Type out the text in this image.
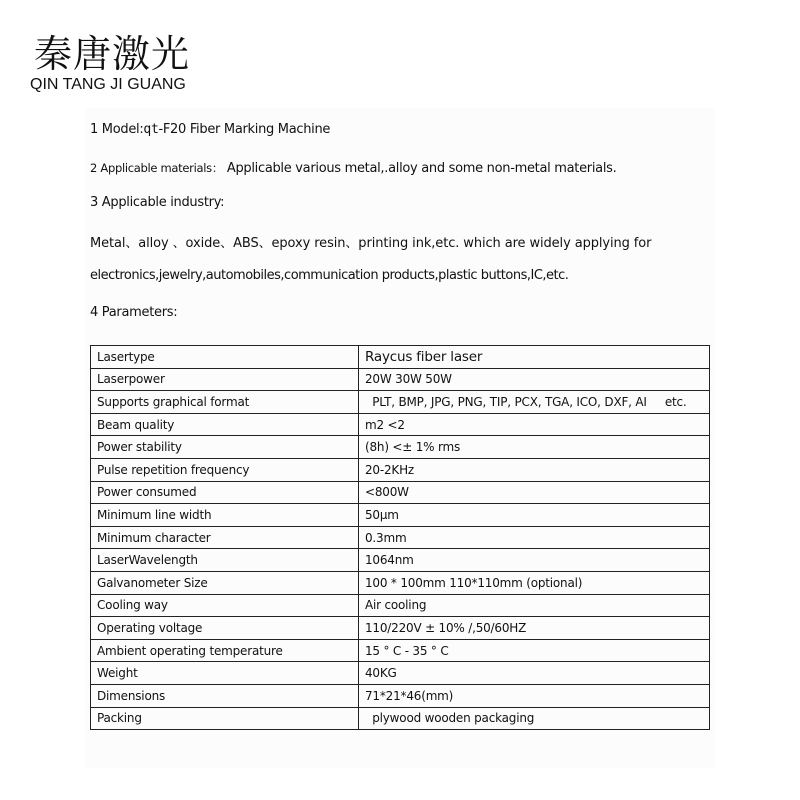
秦唐激光
QIN TANG JI GUANG
1 Model:qt-F20 Fiber Marking Machine
2 Applicable materials： Applicable various metal,.alloy and some non-metal materials.
3 Applicable industry:
Metal、alloy 、oxide、ABS、epoxy resin、printing ink,etc. which are widely applying for
electronics,jewelry,automobiles,communication products,plastic buttons,IC,etc.
4 Parameters:
Lasertype	Raycus fiber laser
Laserpower	20W 30W 50W
Supports graphical format	PLT, BMP, JPG, PNG, TIP, PCX, TGA, ICO, DXF, AI     etc.
Beam quality	m2 <2
Power stability	(8h) <± 1% rms
Pulse repetition frequency	20-2KHz
Power consumed	<800W
Minimum line width	50μm
Minimum character	0.3mm
LaserWavelength	1064nm
Galvanometer Size	100 * 100mm 110*110mm (optional)
Cooling way	Air cooling
Operating voltage	110/220V ± 10% /,50/60HZ
Ambient operating temperature	15 ° C - 35 ° C
Weight	40KG
Dimensions	71*21*46(mm)
Packing	plywood wooden packaging
